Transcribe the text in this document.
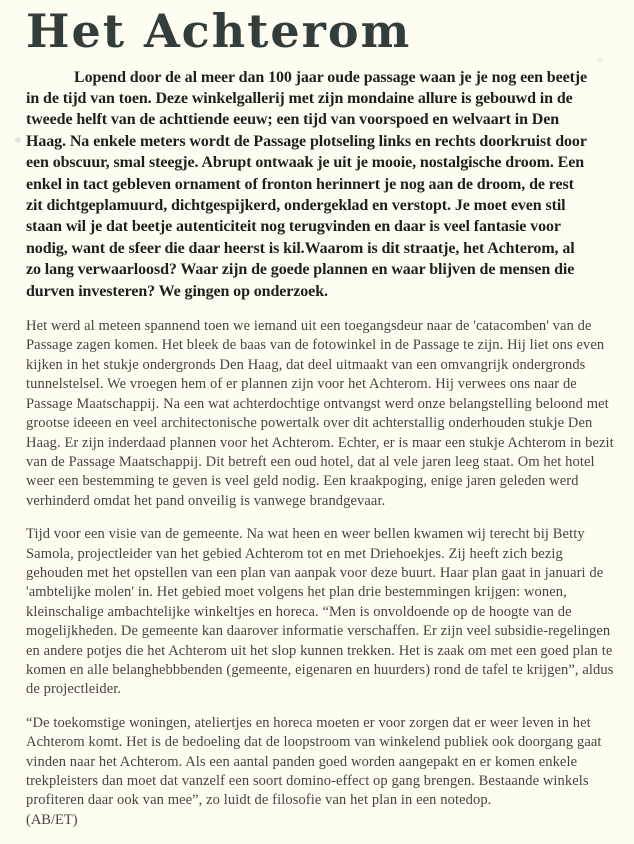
Het Achterom

Lopend door de al meer dan 100 jaar oude passage waan je je nog een beetje in de tijd van toen. Deze winkelgallerij met zijn mondaine allure is gebouwd in de tweede helft van de achttiende eeuw; een tijd van voorspoed en welvaart in Den Haag. Na enkele meters wordt de Passage plotseling links en rechts doorkruist door een obscuur, smal steegje. Abrupt ontwaak je uit je mooie, nostalgische droom. Een enkel in tact gebleven ornament of fronton herinnert je nog aan de droom, de rest zit dichtgeplamuurd, dichtgespijkerd, ondergeklad en verstopt. Je moet even stil staan wil je dat beetje autenticiteit nog terugvinden en daar is veel fantasie voor nodig, want de sfeer die daar heerst is kil.Waarom is dit straatje, het Achterom, al zo lang verwaarloosd? Waar zijn de goede plannen en waar blijven de mensen die durven investeren? We gingen op onderzoek.

Het werd al meteen spannend toen we iemand uit een toegangsdeur naar de 'catacomben' van de Passage zagen komen. Het bleek de baas van de fotowinkel in de Passage te zijn. Hij liet ons even kijken in het stukje ondergronds Den Haag, dat deel uitmaakt van een omvangrijk ondergronds tunnelstelsel. We vroegen hem of er plannen zijn voor het Achterom. Hij verwees ons naar de Passage Maatschappij. Na een wat achterdochtige ontvangst werd onze belangstelling beloond met grootse ideeen en veel architectonische powertalk over dit achterstallig onderhouden stukje Den Haag. Er zijn inderdaad plannen voor het Achterom. Echter, er is maar een stukje Achterom in bezit van de Passage Maatschappij. Dit betreft een oud hotel, dat al vele jaren leeg staat. Om het hotel weer een bestemming te geven is veel geld nodig. Een kraakpoging, enige jaren geleden werd verhinderd omdat het pand onveilig is vanwege brandgevaar.

Tijd voor een visie van de gemeente. Na wat heen en weer bellen kwamen wij terecht bij Betty Samola, projectleider van het gebied Achterom tot en met Driehoekjes. Zij heeft zich bezig gehouden met het opstellen van een plan van aanpak voor deze buurt. Haar plan gaat in januari de 'ambtelijke molen' in. Het gebied moet volgens het plan drie bestemmingen krijgen: wonen, kleinschalige ambachtelijke winkeltjes en horeca. “Men is onvoldoende op de hoogte van de mogelijkheden. De gemeente kan daarover informatie verschaffen. Er zijn veel subsidie-regelingen en andere potjes die het Achterom uit het slop kunnen trekken. Het is zaak om met een goed plan te komen en alle belanghebbbenden (gemeente, eigenaren en huurders) rond de tafel te krijgen”, aldus de projectleider.

“De toekomstige woningen, ateliertjes en horeca moeten er voor zorgen dat er weer leven in het Achterom komt. Het is de bedoeling dat de loopstroom van winkelend publiek ook doorgang gaat vinden naar het Achterom. Als een aantal panden goed worden aangepakt en er komen enkele trekpleisters dan moet dat vanzelf een soort domino-effect op gang brengen. Bestaande winkels profiteren daar ook van mee”, zo luidt de filosofie van het plan in een notedop.

(AB/ET)
